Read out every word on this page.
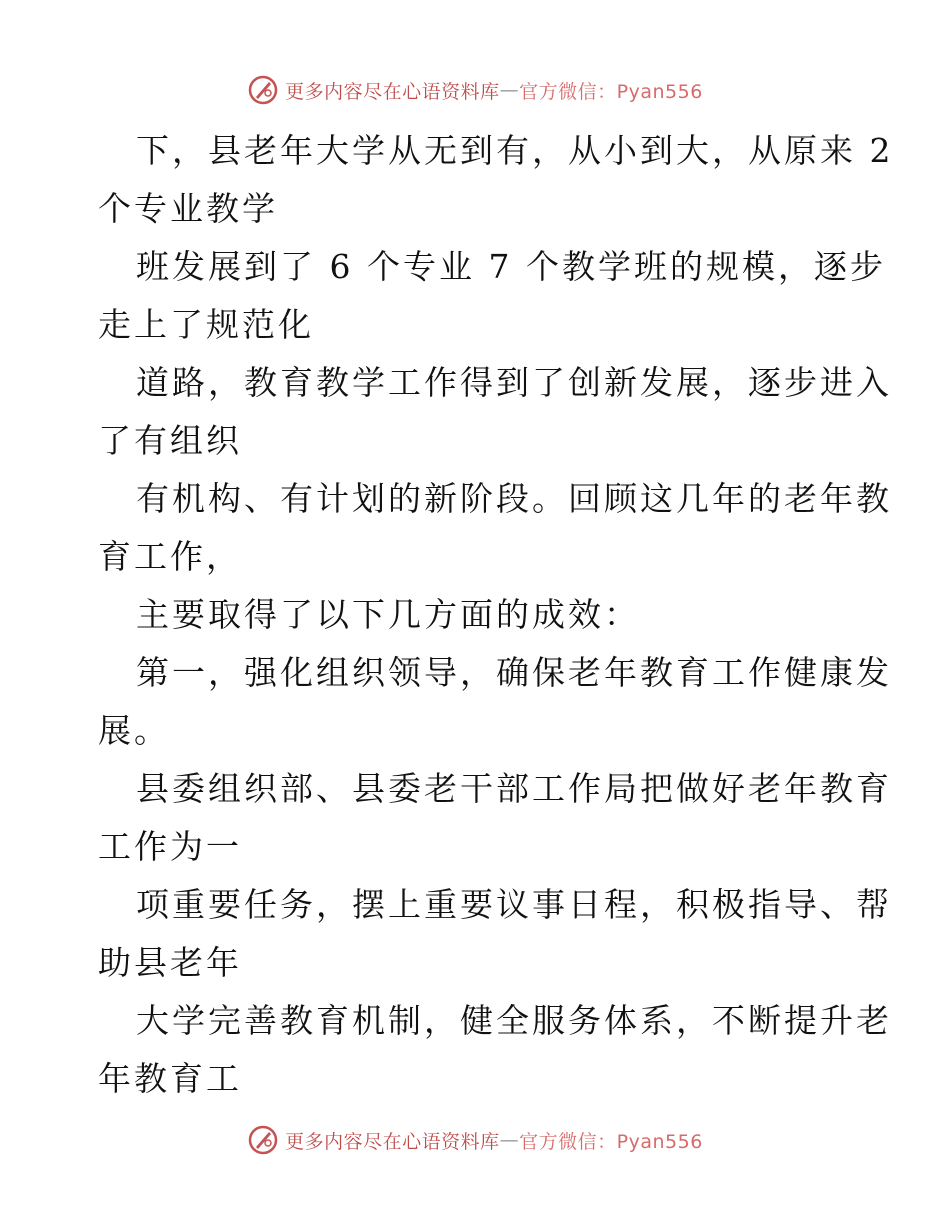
更多内容尽在心语资料库 — 官方微信：Pyan556
下，县老年大学从无到有，从小到大，从原来 2
个专业教学
班发展到了 6 个专业 7 个教学班的规模，逐步
走上了规范化
道路，教育教学工作得到了创新发展，逐步进入
了有组织
有机构、有计划的新阶段。回顾这几年的老年教
育工作，
主要取得了以下几方面的成效：
第一，强化组织领导，确保老年教育工作健康发
展。
县委组织部、县委老干部工作局把做好老年教育
工作为一
项重要任务，摆上重要议事日程，积极指导、帮
助县老年
大学完善教育机制，健全服务体系，不断提升老
年教育工
更多内容尽在心语资料库 — 官方微信：Pyan556
